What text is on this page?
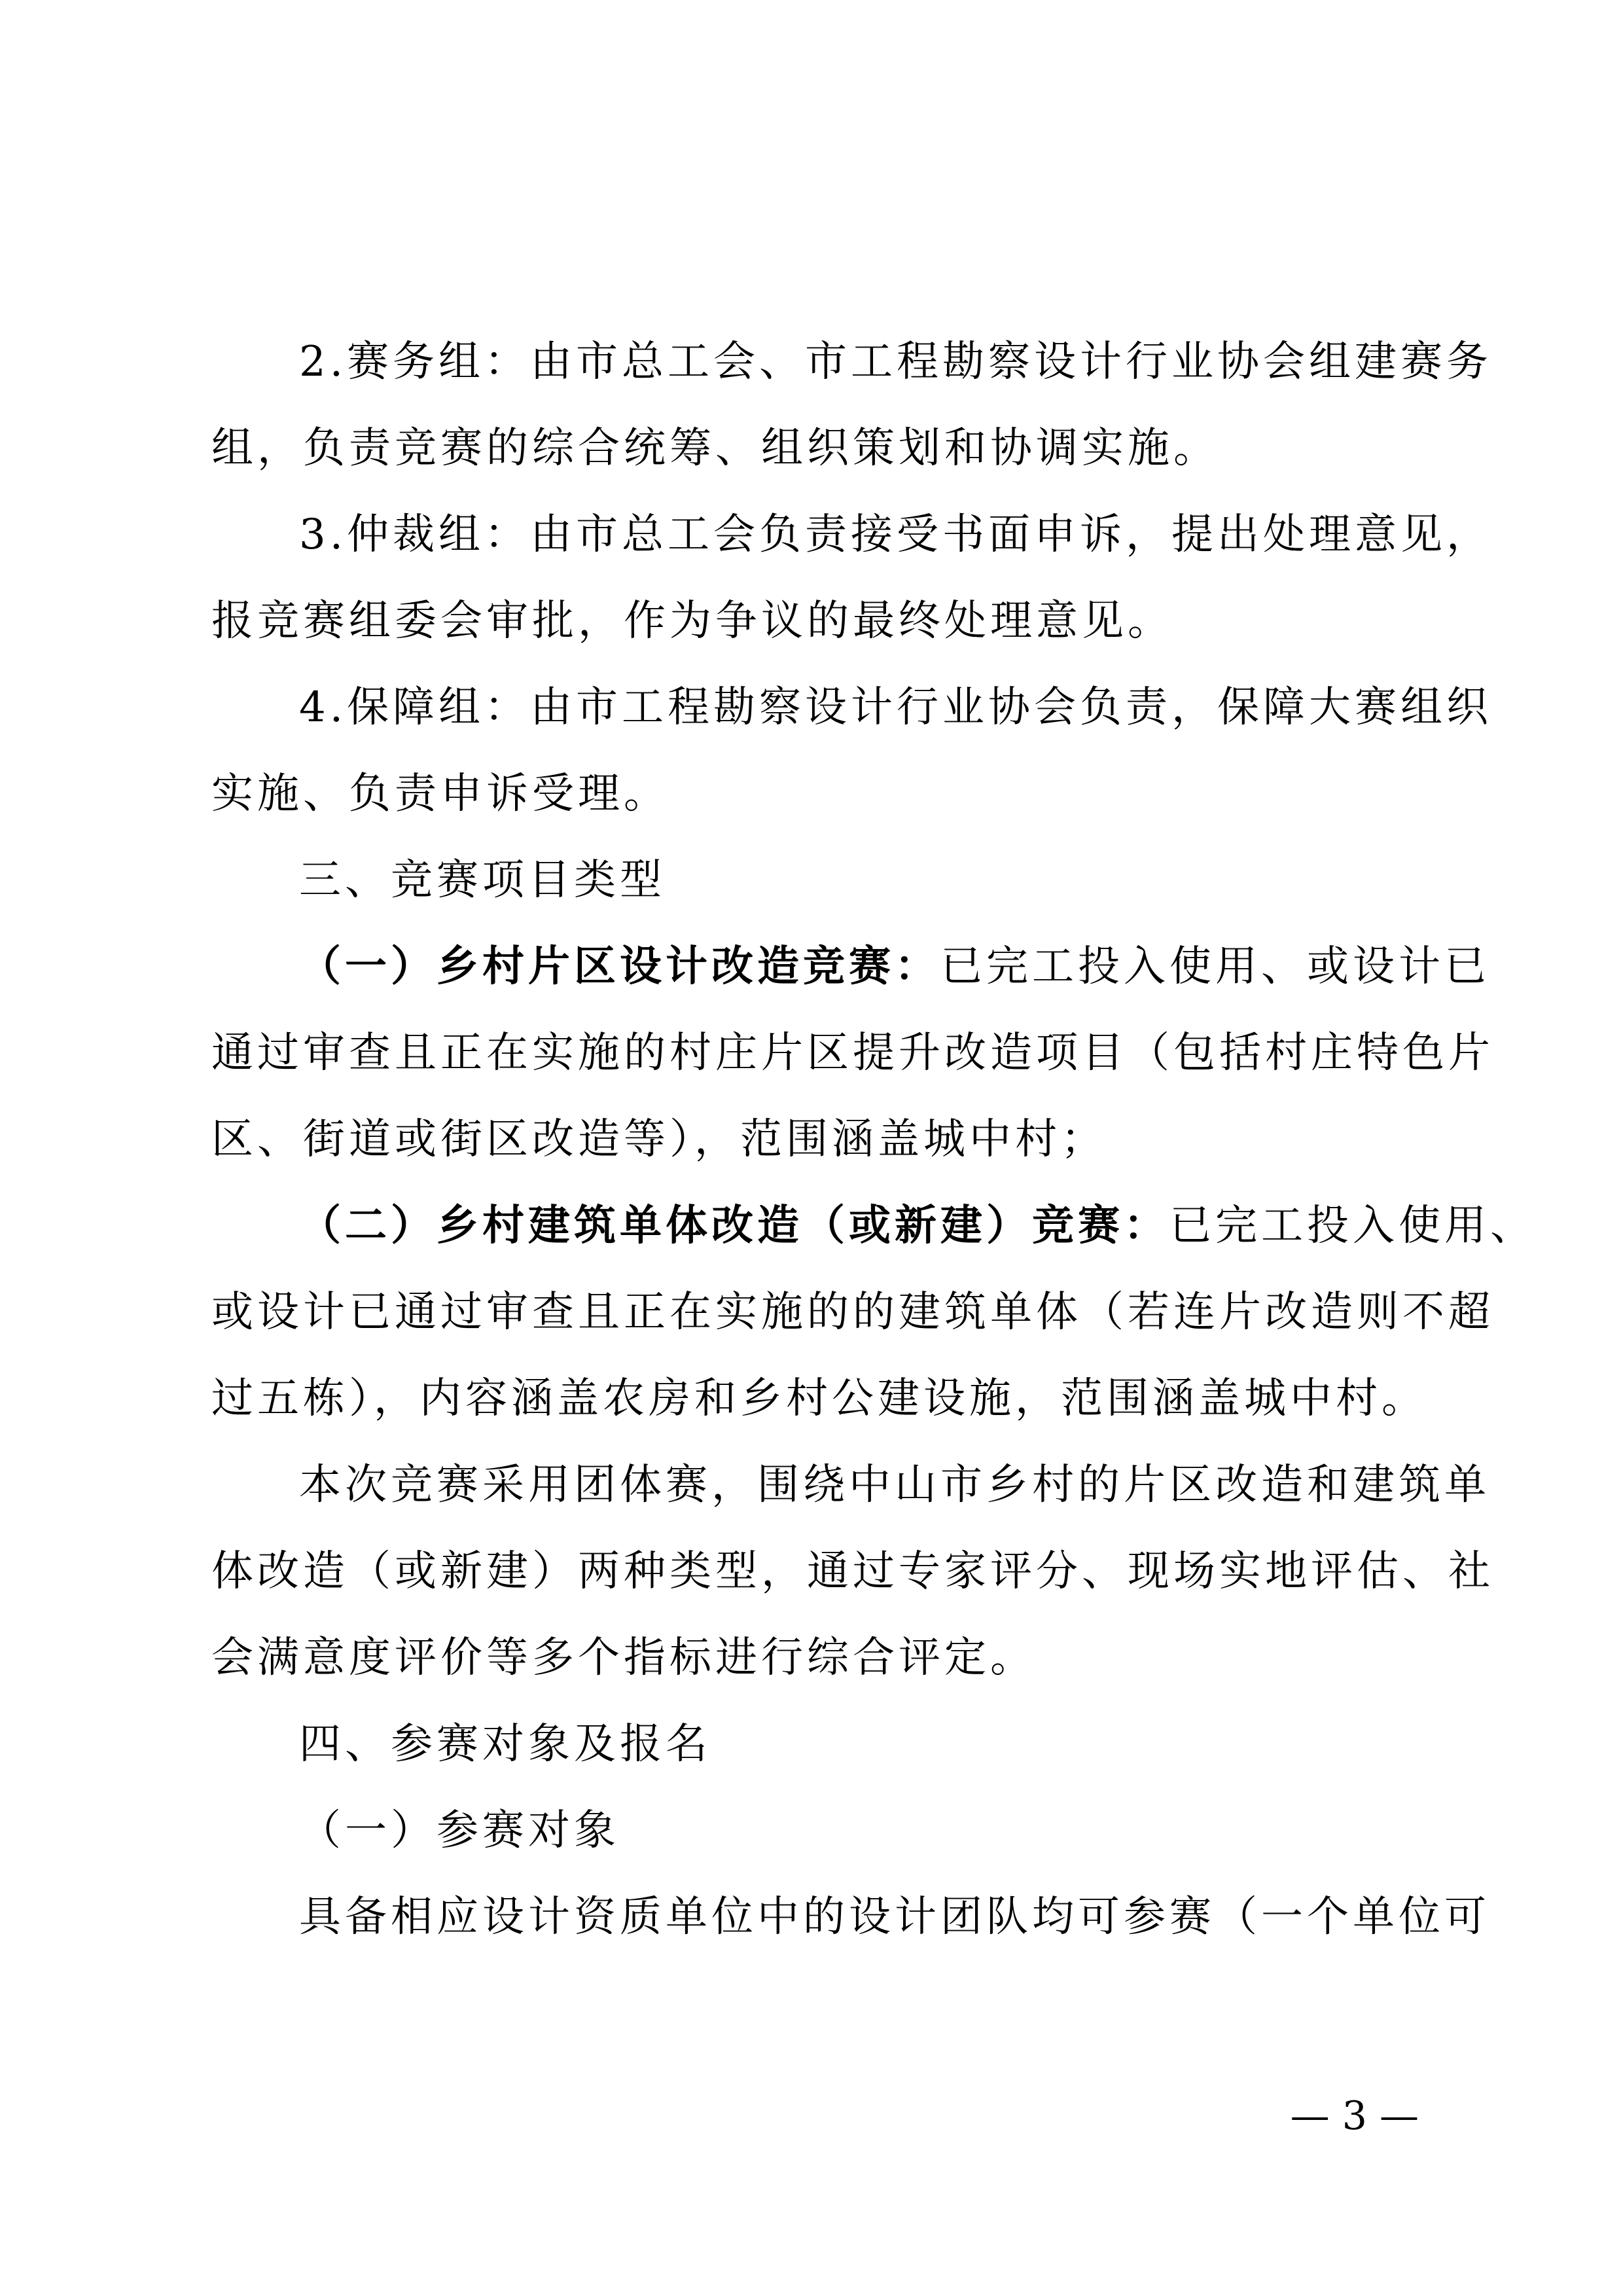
2.赛务组：由市总工会、市工程勘察设计行业协会组建赛务
组，负责竞赛的综合统筹、组织策划和协调实施。
3.仲裁组：由市总工会负责接受书面申诉，提出处理意见，
报竞赛组委会审批，作为争议的最终处理意见。
4.保障组：由市工程勘察设计行业协会负责，保障大赛组织
实施、负责申诉受理。
三、竞赛项目类型
（一）乡村片区设计改造竞赛：已完工投入使用、或设计已
通过审查且正在实施的村庄片区提升改造项目（包括村庄特色片
区、街道或街区改造等），范围涵盖城中村；
（二）乡村建筑单体改造（或新建）竞赛：已完工投入使用、
或设计已通过审查且正在实施的的建筑单体（若连片改造则不超
过五栋），内容涵盖农房和乡村公建设施，范围涵盖城中村。
本次竞赛采用团体赛，围绕中山市乡村的片区改造和建筑单
体改造（或新建）两种类型，通过专家评分、现场实地评估、社
会满意度评价等多个指标进行综合评定。
四、参赛对象及报名
（一）参赛对象
具备相应设计资质单位中的设计团队均可参赛（一个单位可
— 3 —
